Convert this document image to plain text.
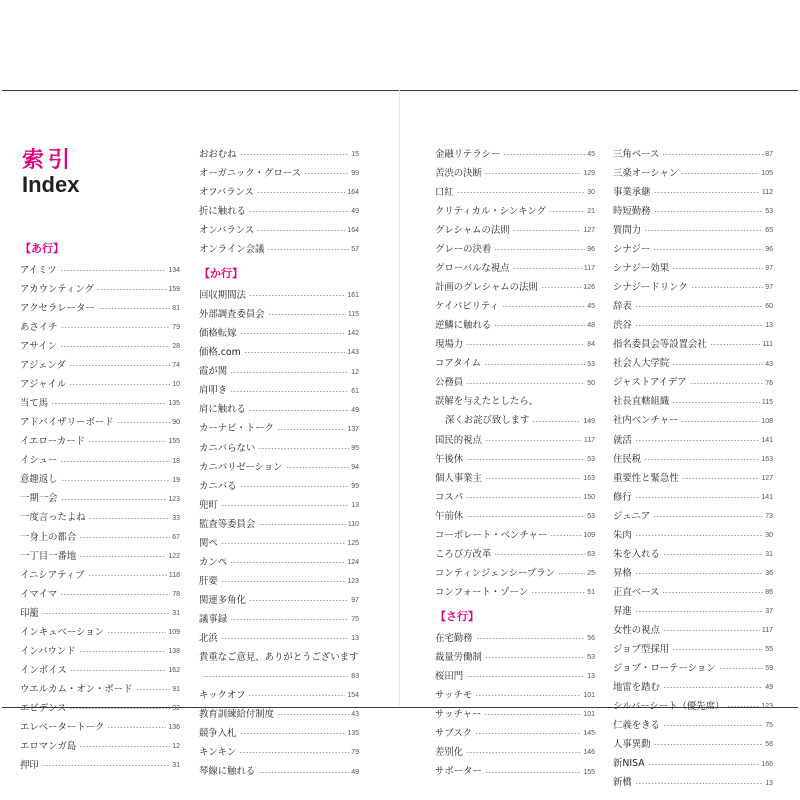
索引
Index
【あ行】
アイミツ	134
アカウンティング	159
アクセラレーター	81
あさイチ	79
アサイン	28
アジェンダ	74
アジャイル	10
当て馬	135
アドバイザリーボード	90
イエローカード	155
イシュー	18
意趣返し	19
一期一会	123
一度言ったよね	33
一身上の都合	67
一丁目一番地	122
イニシアティブ	118
イマイマ	78
印籠	31
インキュベーション	109
インバウンド	138
インボイス	162
ウエルカム・オン・ボード	91
エビデンス	92
エレベータートーク	136
エロマンガ島	12
押印	31
おおむね	15
オーガニック・グロース	99
オフバランス	164
折に触れる	49
オンバランス	164
オンライン会議	57
【か行】
回収期間法	161
外部調査委員会	115
価格転嫁	142
価格.com	143
霞が関	12
肩叩き	61
肩に触れる	49
カーナビ・トーク	137
カニバらない	95
カニバリゼーション	94
カニバる	95
兜町	13
監査等委員会	110
関ペ	125
カンペ	124
肝要	123
関連多角化	97
議事録	75
北浜	13
貴重なご意見、ありがとうございます
83
キックオフ	154
教育訓練給付制度	43
競争入札	135
キンキン	79
琴線に触れる	49
金融リテラシー	45
苦渋の決断	129
口紅	30
クリティカル・シンキング	21
グレシャムの法則	127
グレーの決着	96
グローバルな視点	117
計画のグレシャムの法則	126
ケイパビリティ	45
逆鱗に触れる	48
現場力	84
コアタイム	53
公務員	50
誤解を与えたとしたら、
深くお詫び致します	149
国民的視点	117
午後休	53
個人事業主	163
コスパ	150
午前休	53
コーポレート・ベンチャー	109
ころび方改革	63
コンティンジェンシープラン	25
コンフォート・ゾーン	51
【さ行】
在宅勤務	56
裁量労働制	53
桜田門	13
サッチモ	101
サッチャー	101
サブスク	145
差別化	146
サポーター	155
三角ベース	87
三楽オーシャン	105
事業承継	112
時短勤務	53
質問力	65
シナジー	96
シナジー効果	97
シナジードリンク	97
辞表	60
渋谷	13
指名委員会等設置会社	111
社会人大学院	43
ジャストアイデア	76
社長直轄組織	115
社内ベンチャー	108
就活	141
住民税	163
重要性と緊急性	127
修行	141
ジュニア	73
朱肉	30
朱を入れる	31
昇格	36
正直ベース	86
昇進	37
女性の視点	117
ジョブ型採用	55
ジョブ・ローテーション	59
地雷を踏む	49
シルバーシート（優先席）	123
仁義をきる	75
人事異動	58
新NISA	166
新橋	13
